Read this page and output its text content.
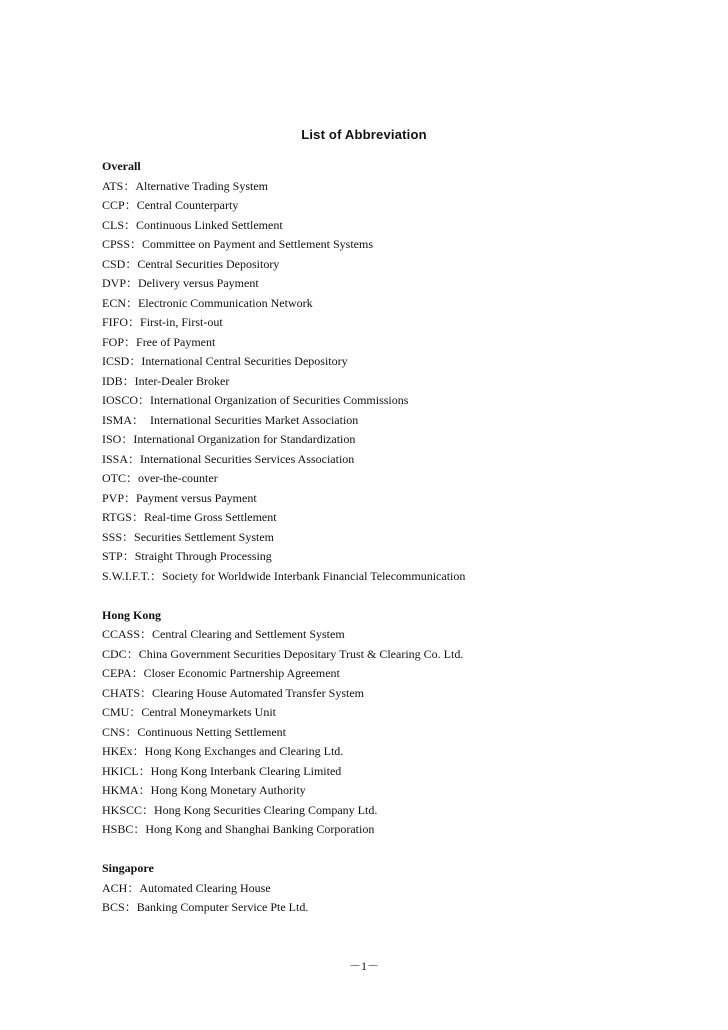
List of Abbreviation
Overall
ATS：Alternative Trading System
CCP：Central Counterparty
CLS：Continuous Linked Settlement
CPSS：Committee on Payment and Settlement Systems
CSD：Central Securities Depository
DVP：Delivery versus Payment
ECN：Electronic Communication Network
FIFO：First-in, First-out
FOP：Free of Payment
ICSD：International Central Securities Depository
IDB：Inter-Dealer Broker
IOSCO：International Organization of Securities Commissions
ISMA：  International Securities Market Association
ISO：International Organization for Standardization
ISSA：International Securities Services Association
OTC：over-the-counter
PVP：Payment versus Payment
RTGS：Real-time Gross Settlement
SSS：Securities Settlement System
STP：Straight Through Processing
S.W.I.F.T.：Society for Worldwide Interbank Financial Telecommunication
Hong Kong
CCASS：Central Clearing and Settlement System
CDC：China Government Securities Depositary Trust & Clearing Co. Ltd.
CEPA：Closer Economic Partnership Agreement
CHATS：Clearing House Automated Transfer System
CMU：Central Moneymarkets Unit
CNS：Continuous Netting Settlement
HKEx：Hong Kong Exchanges and Clearing Ltd.
HKICL：Hong Kong Interbank Clearing Limited
HKMA：Hong Kong Monetary Authority
HKSCC：Hong Kong Securities Clearing Company Ltd.
HSBC：Hong Kong and Shanghai Banking Corporation
Singapore
ACH：Automated Clearing House
BCS：Banking Computer Service Pte Ltd.
－1－
